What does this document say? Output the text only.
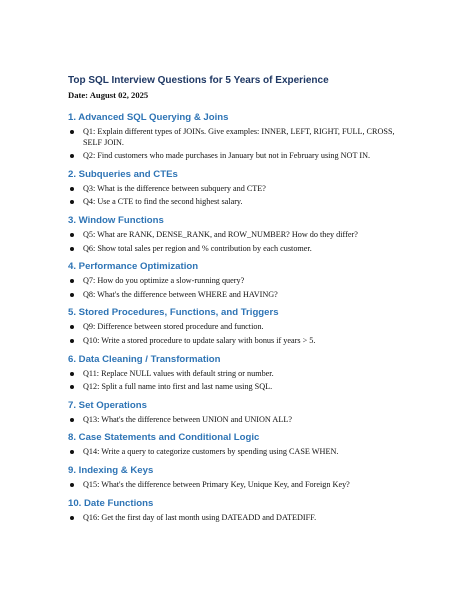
Top SQL Interview Questions for 5 Years of Experience

Date: August 02, 2025

1. Advanced SQL Querying & Joins
Q1: Explain different types of JOINs. Give examples: INNER, LEFT, RIGHT, FULL, CROSS, SELF JOIN.
Q2: Find customers who made purchases in January but not in February using NOT IN.
2. Subqueries and CTEs
Q3: What is the difference between subquery and CTE?
Q4: Use a CTE to find the second highest salary.
3. Window Functions
Q5: What are RANK, DENSE_RANK, and ROW_NUMBER? How do they differ?
Q6: Show total sales per region and % contribution by each customer.
4. Performance Optimization
Q7: How do you optimize a slow-running query?
Q8: What's the difference between WHERE and HAVING?
5. Stored Procedures, Functions, and Triggers
Q9: Difference between stored procedure and function.
Q10: Write a stored procedure to update salary with bonus if years > 5.
6. Data Cleaning / Transformation
Q11: Replace NULL values with default string or number.
Q12: Split a full name into first and last name using SQL.
7. Set Operations
Q13: What's the difference between UNION and UNION ALL?
8. Case Statements and Conditional Logic
Q14: Write a query to categorize customers by spending using CASE WHEN.
9. Indexing & Keys
Q15: What's the difference between Primary Key, Unique Key, and Foreign Key?
10. Date Functions
Q16: Get the first day of last month using DATEADD and DATEDIFF.
